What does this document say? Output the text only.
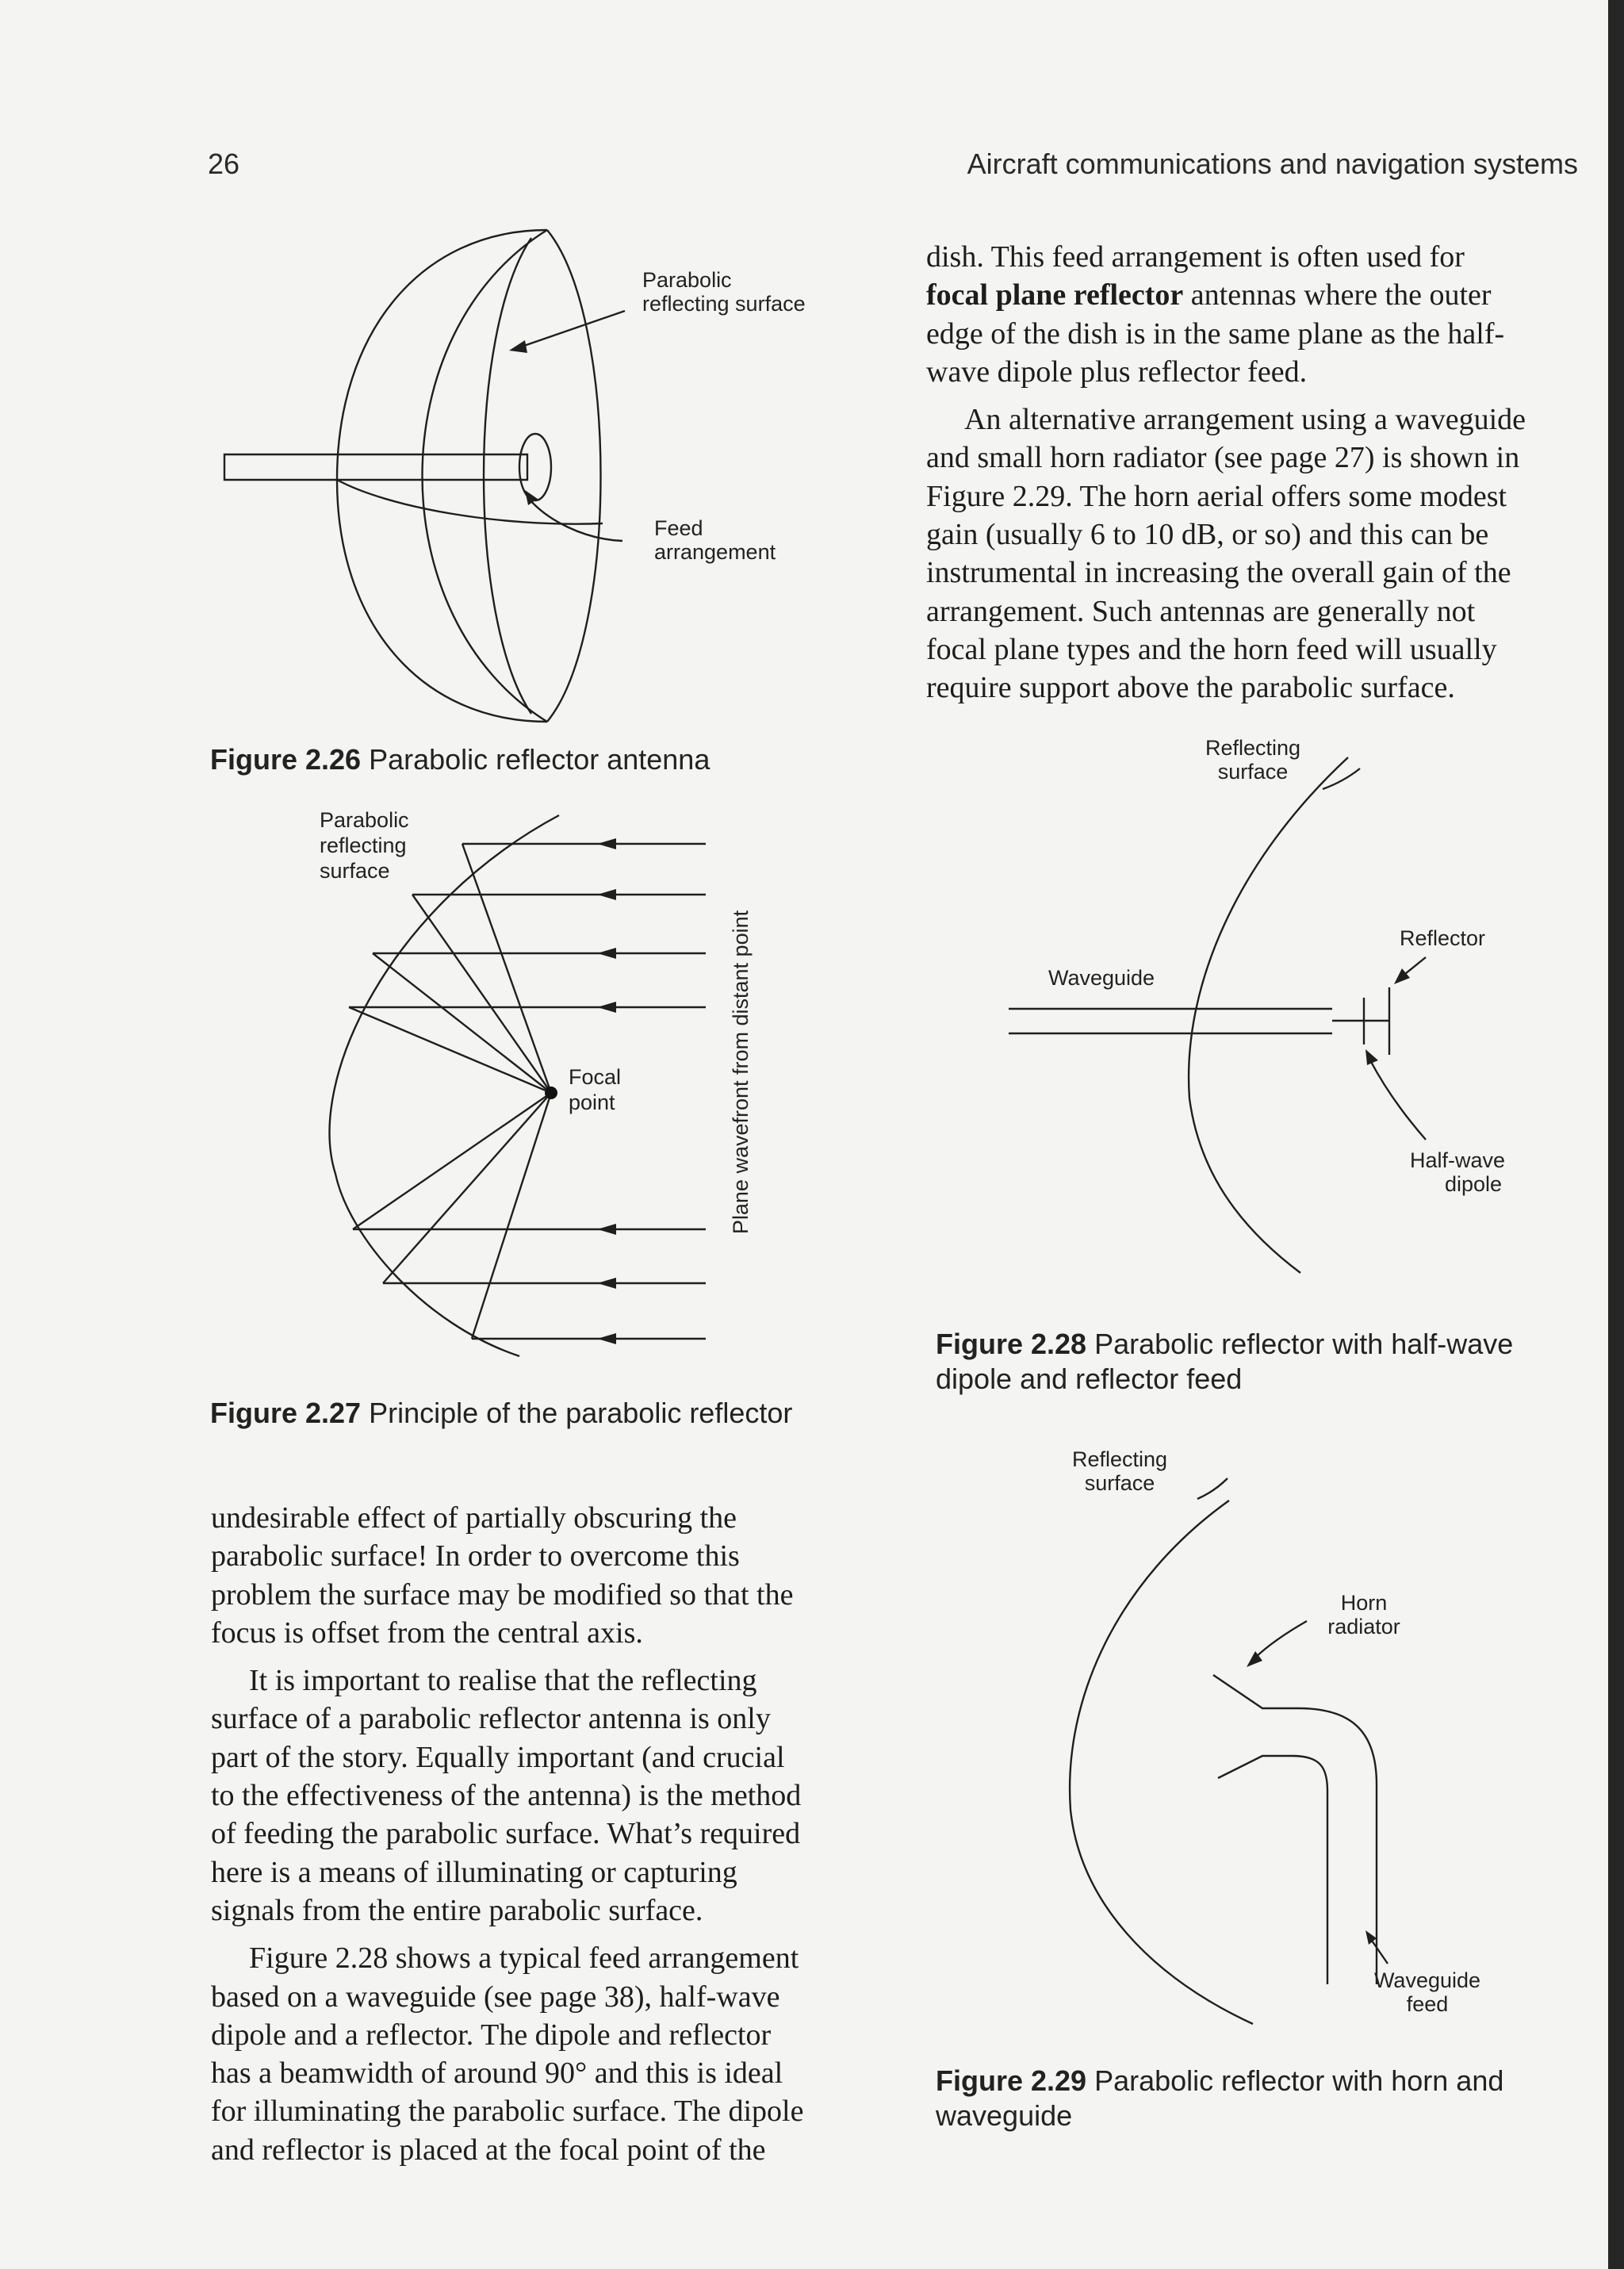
26	Aircraft communications and navigation systems
Parabolic
reflecting surface
Feed
arrangement

Figure 2.26 Parabolic reflector antenna

Parabolic
reflecting
surface
Focal
point	Plane wavefront from distant point

Figure 2.27 Principle of the parabolic reflector

undesirable effect of partially obscuring the
parabolic surface! In order to overcome this
problem the surface may be modified so that the
focus is offset from the central axis.
It is important to realise that the reflecting
surface of a parabolic reflector antenna is only
part of the story. Equally important (and crucial
to the effectiveness of the antenna) is the method
of feeding the parabolic surface. What’s required
here is a means of illuminating or capturing
signals from the entire parabolic surface.
Figure 2.28 shows a typical feed arrangement
based on a waveguide (see page 38), half-wave
dipole and a reflector. The dipole and reflector
has a beamwidth of around 90° and this is ideal
for illuminating the parabolic surface. The dipole
and reflector is placed at the focal point of the
dish. This feed arrangement is often used for
focal plane reflector antennas where the outer
edge of the dish is in the same plane as the half-
wave dipole plus reflector feed.
An alternative arrangement using a waveguide
and small horn radiator (see page 27) is shown in
Figure 2.29. The horn aerial offers some modest
gain (usually 6 to 10 dB, or so) and this can be
instrumental in increasing the overall gain of the
arrangement. Such antennas are generally not
focal plane types and the horn feed will usually
require support above the parabolic surface.
Reflecting
surface
Reflector
Waveguide
Half-wave
dipole

Figure 2.28 Parabolic reflector with half-wave
dipole and reflector feed

Reflecting
surface
Horn
radiator
Waveguide
feed

Figure 2.29 Parabolic reflector with horn and
waveguide
